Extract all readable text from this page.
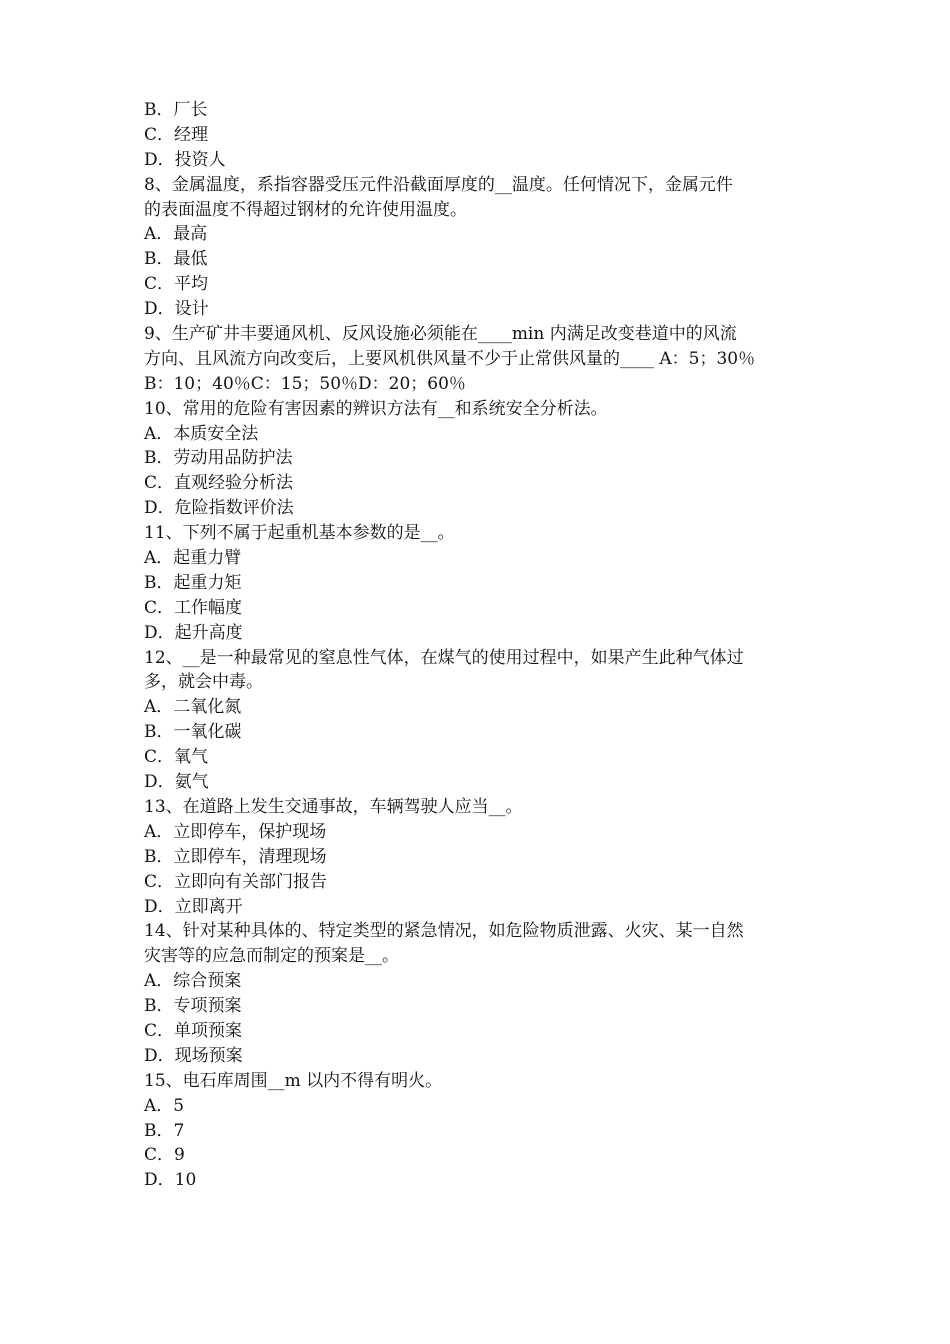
B．厂长
C．经理
D．投资人
8、金属温度，系指容器受压元件沿截面厚度的__温度。任何情况下，金属元件
的表面温度不得超过钢材的允许使用温度。
A．最高
B．最低
C．平均
D．设计
9、生产矿井丰要通风机、反风设施必须能在____min 内满足改变巷道中的风流
方向、且风流方向改变后，上要风机供风量不少于止常供风量的____ A：5；30％
B：10；40％C：15；50％D：20；60％
10、常用的危险有害因素的辨识方法有__和系统安全分析法。
A．本质安全法
B．劳动用品防护法
C．直观经验分析法
D．危险指数评价法
11、下列不属于起重机基本参数的是__。
A．起重力臂
B．起重力矩
C．工作幅度
D．起升高度
12、__是一种最常见的窒息性气体，在煤气的使用过程中，如果产生此种气体过
多，就会中毒。
A．二氧化氮
B．一氧化碳
C．氧气
D．氨气
13、在道路上发生交通事故，车辆驾驶人应当__。
A．立即停车，保护现场
B．立即停车，清理现场
C．立即向有关部门报告
D．立即离开
14、针对某种具体的、特定类型的紧急情况，如危险物质泄露、火灾、某一自然
灾害等的应急而制定的预案是__。
A．综合预案
B．专项预案
C．单项预案
D．现场预案
15、电石库周围__m 以内不得有明火。
A．5
B．7
C．9
D．10
